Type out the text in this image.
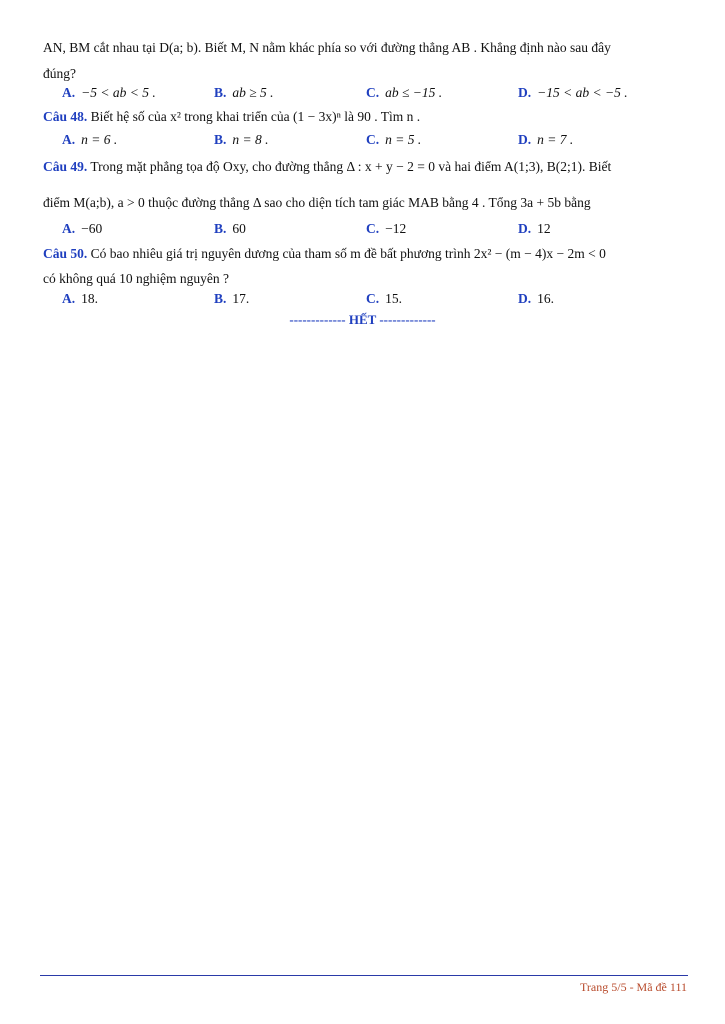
AN, BM cắt nhau tại D(a; b). Biết M, N nằm khác phía so với đường thẳng AB . Khẳng định nào sau đây
đúng?
A. −5 < ab < 5 .	B. ab ≥ 5 .	C. ab ≤ −15 .	D. −15 < ab < −5 .
Câu 48. Biết hệ số của x² trong khai triển của (1 − 3x)ⁿ là 90 . Tìm n .
A. n = 6 .	B. n = 8 .	C. n = 5 .	D. n = 7 .
Câu 49. Trong mặt phẳng tọa độ Oxy, cho đường thẳng Δ : x + y − 2 = 0 và hai điểm A(1;3), B(2;1). Biết
điểm M(a;b), a > 0 thuộc đường thẳng Δ sao cho diện tích tam giác MAB bằng 4 . Tổng 3a + 5b bằng
A. −60	B. 60	C. −12	D. 12
Câu 50. Có bao nhiêu giá trị nguyên dương của tham số m đề bất phương trình 2x² − (m − 4)x − 2m < 0
có không quá 10 nghiệm nguyên ?
A. 18.	B. 17.	C. 15.	D. 16.
------------- HẾT -------------
Trang 5/5 - Mã đề 111
